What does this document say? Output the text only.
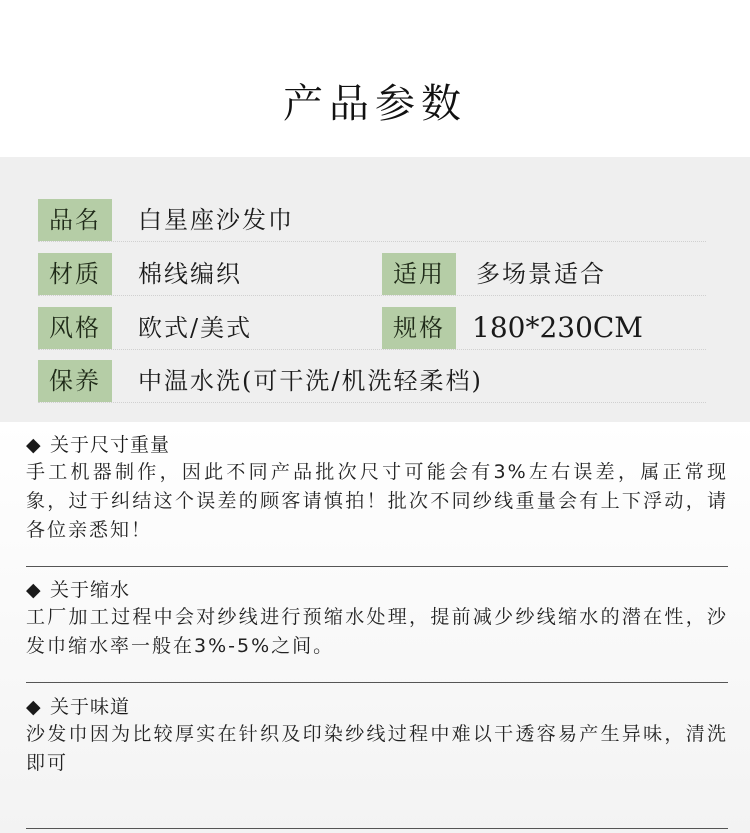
产品参数
品名	白星座沙发巾
材质	棉线编织	适用	多场景适合
风格	欧式/美式	规格 180*230CM
保养	中温水洗(可干洗/机洗轻柔档)
◆ 关于尺寸重量
手工机器制作，因此不同产品批次尺寸可能会有3%左右误差，属正常现象，过于纠结这个误差的顾客请慎拍！批次不同纱线重量会有上下浮动，请各位亲悉知！
◆ 关于缩水
工厂加工过程中会对纱线进行预缩水处理，提前减少纱线缩水的潜在性，沙发巾缩水率一般在3%-5%之间。
◆ 关于味道
沙发巾因为比较厚实在针织及印染纱线过程中难以干透容易产生异味，清洗即可
